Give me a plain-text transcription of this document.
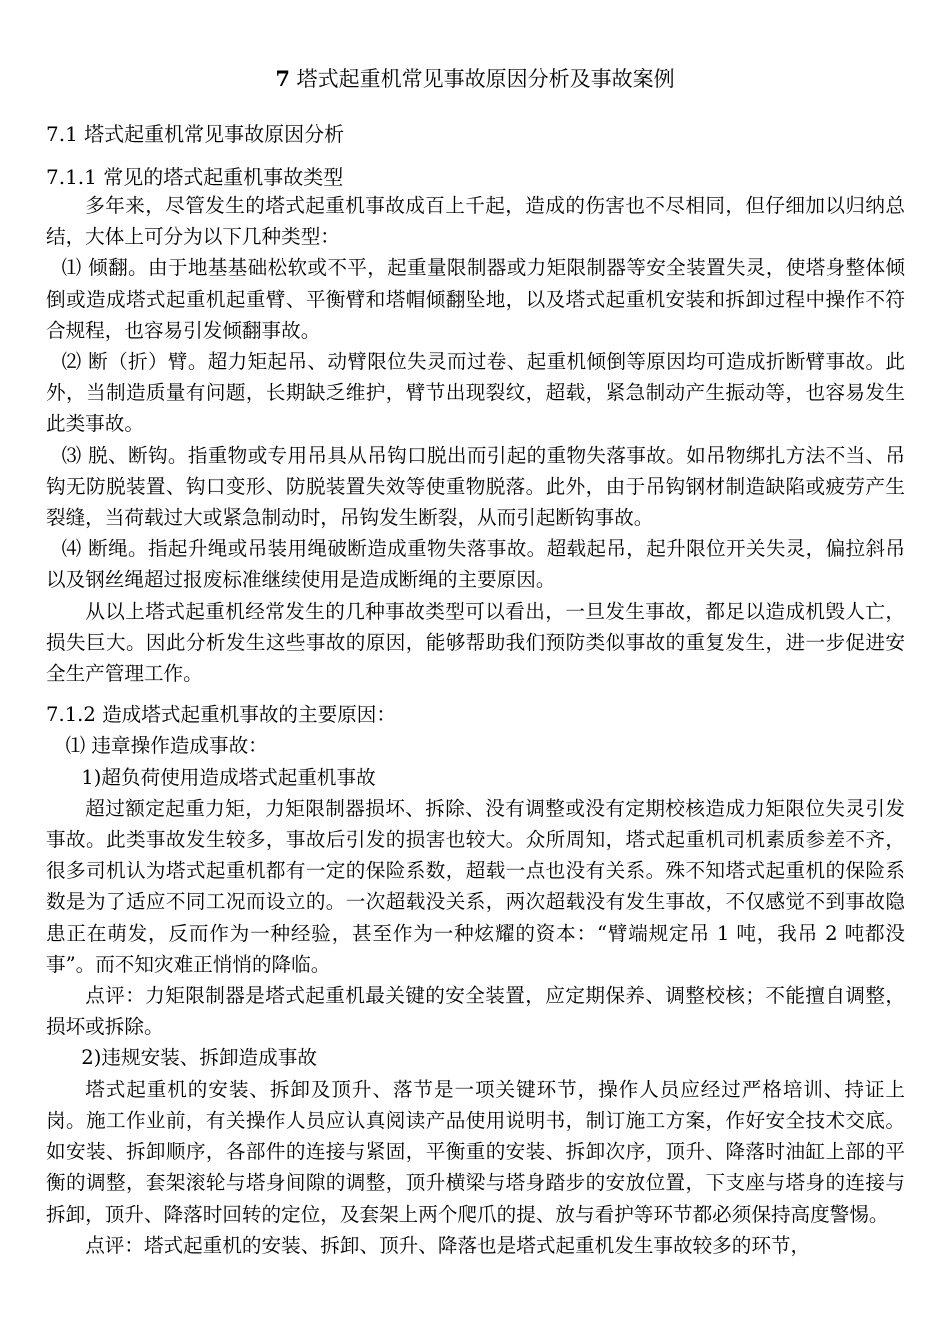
7 塔式起重机常见事故原因分析及事故案例
7.1 塔式起重机常见事故原因分析
7.1.1 常见的塔式起重机事故类型

多年来，尽管发生的塔式起重机事故成百上千起，造成的伤害也不尽相同，但仔细加以归纳总结，大体上可分为以下几种类型：

⑴ 倾翻。由于地基基础松软或不平，起重量限制器或力矩限制器等安全装置失灵，使塔身整体倾倒或造成塔式起重机起重臂、平衡臂和塔帽倾翻坠地，以及塔式起重机安装和拆卸过程中操作不符合规程，也容易引发倾翻事故。

⑵ 断（折）臂。超力矩起吊、动臂限位失灵而过卷、起重机倾倒等原因均可造成折断臂事故。此外，当制造质量有问题，长期缺乏维护，臂节出现裂纹，超载，紧急制动产生振动等，也容易发生此类事故。

⑶ 脱、断钩。指重物或专用吊具从吊钩口脱出而引起的重物失落事故。如吊物绑扎方法不当、吊钩无防脱装置、钩口变形、防脱装置失效等使重物脱落。此外，由于吊钩钢材制造缺陷或疲劳产生裂缝，当荷载过大或紧急制动时，吊钩发生断裂，从而引起断钩事故。

⑷ 断绳。指起升绳或吊装用绳破断造成重物失落事故。超载起吊，起升限位开关失灵，偏拉斜吊以及钢丝绳超过报废标准继续使用是造成断绳的主要原因。

从以上塔式起重机经常发生的几种事故类型可以看出，一旦发生事故，都足以造成机毁人亡，损失巨大。因此分析发生这些事故的原因，能够帮助我们预防类似事故的重复发生，进一步促进安全生产管理工作。

7.1.2 造成塔式起重机事故的主要原因：

⑴ 违章操作造成事故：

1)超负荷使用造成塔式起重机事故

超过额定起重力矩，力矩限制器损坏、拆除、没有调整或没有定期校核造成力矩限位失灵引发事故。此类事故发生较多，事故后引发的损害也较大。众所周知，塔式起重机司机素质参差不齐，很多司机认为塔式起重机都有一定的保险系数，超载一点也没有关系。殊不知塔式起重机的保险系数是为了适应不同工况而设立的。一次超载没关系，两次超载没有发生事故，不仅感觉不到事故隐患正在萌发，反而作为一种经验，甚至作为一种炫耀的资本：“臂端规定吊 1 吨，我吊 2 吨都没事”。而不知灾难正悄悄的降临。

点评：力矩限制器是塔式起重机最关键的安全装置，应定期保养、调整校核；不能擅自调整，损坏或拆除。

2)违规安装、拆卸造成事故

塔式起重机的安装、拆卸及顶升、落节是一项关键环节，操作人员应经过严格培训、持证上岗。施工作业前，有关操作人员应认真阅读产品使用说明书，制订施工方案，作好安全技术交底。如安装、拆卸顺序，各部件的连接与紧固，平衡重的安装、拆卸次序，顶升、降落时油缸上部的平衡的调整，套架滚轮与塔身间隙的调整，顶升横梁与塔身踏步的安放位置，下支座与塔身的连接与拆卸，顶升、降落时回转的定位，及套架上两个爬爪的提、放与看护等环节都必须保持高度警惕。

点评：塔式起重机的安装、拆卸、顶升、降落也是塔式起重机发生事故较多的环节，
